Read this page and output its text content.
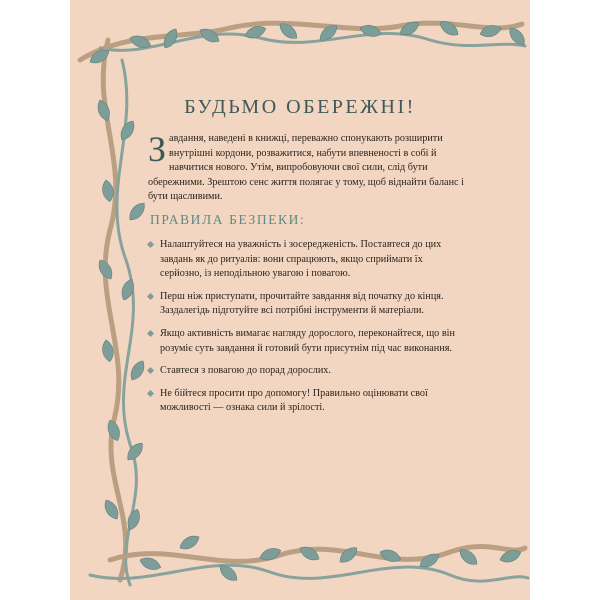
БУДЬМО ОБЕРЕЖНІ!
З авдання, наведені в книжці, переважно спонукають розширити внутрішні кордони, розважитися, набути впевненості в собі й навчитися нового. Утім, випробовуючи свої сили, слід бути обережними. Зрештою сенс життя полягає у тому, щоб віднайти баланс і бути щасливими.
ПРАВИЛА БЕЗПЕКИ:
Налаштуйтеся на уважність і зосередженість. Поставтеся до цих завдань як до ритуалів: вони спрацюють, якщо сприймати їх серйозно, із неподільною увагою і повагою.
Перш ніж приступати, прочитайте завдання від початку до кінця. Заздалегідь підготуйте всі потрібні інструменти й матеріали.
Якщо активність вимагає нагляду дорослого, переконайтеся, що він розуміє суть завдання й готовий бути присутнім під час виконання.
Ставтеся з повагою до порад дорослих.
Не бійтеся просити про допомогу! Правильно оцінювати свої можливості — ознака сили й зрілості.
